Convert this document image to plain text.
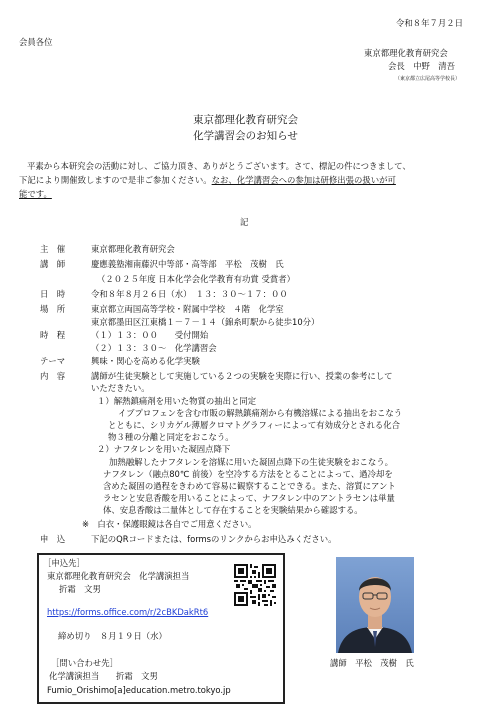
令和８年７月２日
会員各位
東京都理化教育研究会
会長　中野　清吾
（東京都立広尾高等学校長）
東京都理化教育研究会
化学講習会のお知らせ
平素から本研究会の活動に対し、ご協力頂き、ありがとうございます。さて、標記の件につきまして、
下記により開催致しますので是非ご参加ください。なお、化学講習会への参加は研修出張の扱いが可
能です。
記
主　催	東京都理化教育研究会
講　師	慶應義塾湘南藤沢中等部・高等部　平松　茂樹　氏
（２０２５年度 日本化学会化学教育有功賞 受賞者）
日　時	令和８年８月２６日（水）　１３：３０～１７：００
場　所	東京都立両国高等学校・附属中学校　４階　化学室
東京都墨田区江東橋１－７－１４（錦糸町駅から徒歩10分）
時　程	（１）１３：００　　受付開始
（２）１３：３０～　化学講習会
テーマ	興味・関心を高める化学実験
内　容	講師が生徒実験として実施している２つの実験を実際に行い、授業の参考にして
いただきたい。
１）解熱鎮痛剤を用いた物質の抽出と同定
イブプロフェンを含む市販の解熱鎮痛剤から有機溶媒による抽出をおこなう
とともに、シリカゲル薄層クロマトグラフィーによって有効成分とされる化合
物３種の分離と同定をおこなう。
２）ナフタレンを用いた凝固点降下
加熱融解したナフタレンを溶媒に用いた凝固点降下の生徒実験をおこなう。
ナフタレン（融点80℃ 前後）を空冷する方法をとることによって、過冷却を
含めた凝固の過程をきわめて容易に観察することできる。また、溶質にアント
ラセンと安息香酸を用いることによって、ナフタレン中のアントラセンは単量
体、安息香酸は二量体として存在することを実験結果から確認する。
※　白衣・保護眼鏡は各自でご用意ください。
申　込	下記のQRコードまたは、formsのリンクからお申込みください。
［申込先］
東京都理化教育研究会　化学講演担当
折霜　文男
https://forms.office.com/r/2cBKDakRt6
締め切り　８月１９日（水）
［問い合わせ先］
化学講演担当　　折霜　文男
Fumio_Orishimo[a]education.metro.tokyo.jp
講師　平松　茂樹　氏
